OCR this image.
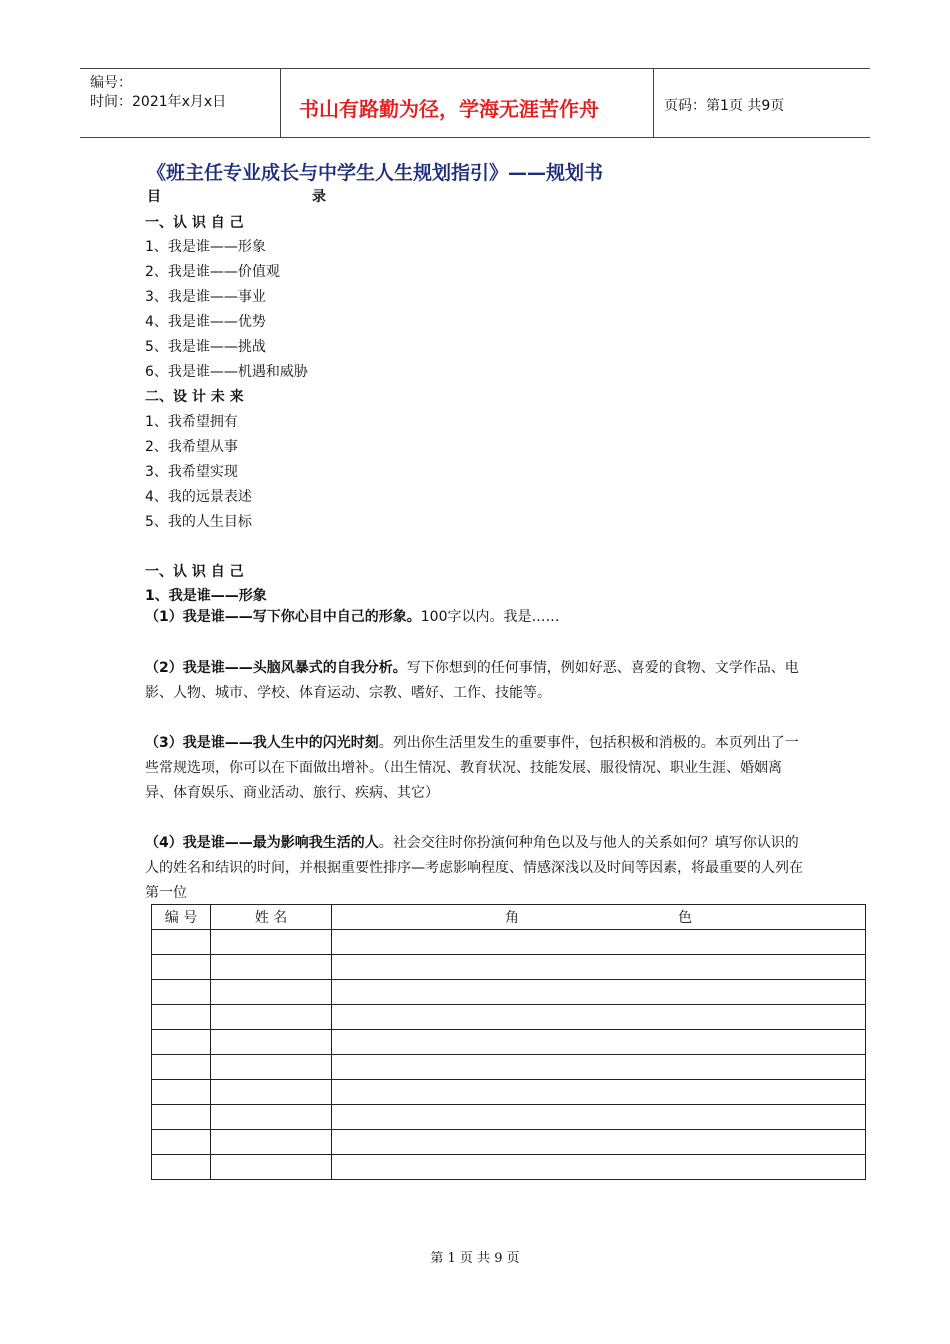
编号：
时间：2021年x月x日	书山有路勤为径，学海无涯苦作舟	页码：第1页 共9页
《班主任专业成长与中学生人生规划指引》——规划书
目	录
一、认 识 自 己
1、我是谁——形象
2、我是谁——价值观
3、我是谁——事业
4、我是谁——优势
5、我是谁——挑战
6、我是谁——机遇和威胁
二、设 计 未 来
1、我希望拥有
2、我希望从事
3、我希望实现
4、我的远景表述
5、我的人生目标
一、认 识 自 己
1、我是谁——形象
（1）我是谁——写下你心目中自己的形象。100字以内。我是……
（2）我是谁——头脑风暴式的自我分析。写下你想到的任何事情，例如好恶、喜爱的食物、文学作品、电影、人物、城市、学校、体育运动、宗教、嗜好、工作、技能等。
（3）我是谁——我人生中的闪光时刻。列出你生活里发生的重要事件，包括积极和消极的。本页列出了一些常规选项，你可以在下面做出增补。（出生情况、教育状况、技能发展、服役情况、职业生涯、婚姻离异、体育娱乐、商业活动、旅行、疾病、其它）
（4）我是谁——最为影响我生活的人。社会交往时你扮演何种角色以及与他人的关系如何？填写你认识的人的姓名和结识的时间，并根据重要性排序—考虑影响程度、情感深浅以及时间等因素，将最重要的人列在第一位
编 号	姓 名	角 色

第 1 页 共 9 页
